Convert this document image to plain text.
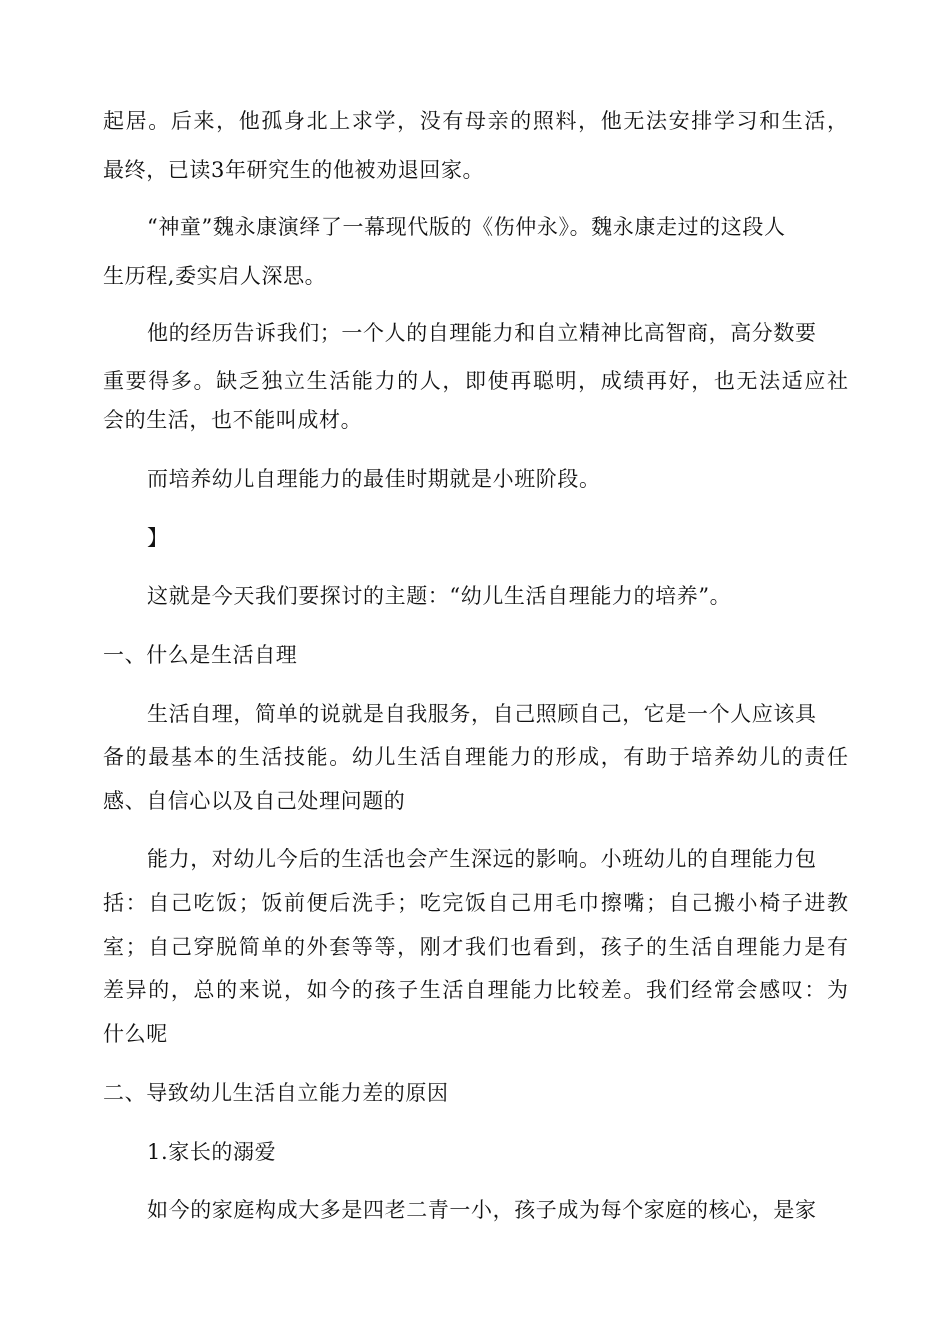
起居。后来，他孤身北上求学，没有母亲的照料，他无法安排学习和生活，
最终，已读3年研究生的他被劝退回家。
“神童”魏永康演绎了一幕现代版的《伤仲永》。魏永康走过的这段人
生历程,委实启人深思。
他的经历告诉我们；一个人的自理能力和自立精神比高智商，高分数要
重要得多。缺乏独立生活能力的人，即使再聪明，成绩再好，也无法适应社
会的生活，也不能叫成材。
而培养幼儿自理能力的最佳时期就是小班阶段。
】
这就是今天我们要探讨的主题：“幼儿生活自理能力的培养”。
一、什么是生活自理
生活自理，简单的说就是自我服务，自己照顾自己，它是一个人应该具
备的最基本的生活技能。幼儿生活自理能力的形成，有助于培养幼儿的责任
感、自信心以及自己处理问题的
能力，对幼儿今后的生活也会产生深远的影响。小班幼儿的自理能力包
括：自己吃饭；饭前便后洗手；吃完饭自己用毛巾擦嘴；自己搬小椅子进教
室；自己穿脱简单的外套等等，刚才我们也看到，孩子的生活自理能力是有
差异的，总的来说，如今的孩子生活自理能力比较差。我们经常会感叹：为
什么呢
二、导致幼儿生活自立能力差的原因
1.家长的溺爱
如今的家庭构成大多是四老二青一小，孩子成为每个家庭的核心，是家
